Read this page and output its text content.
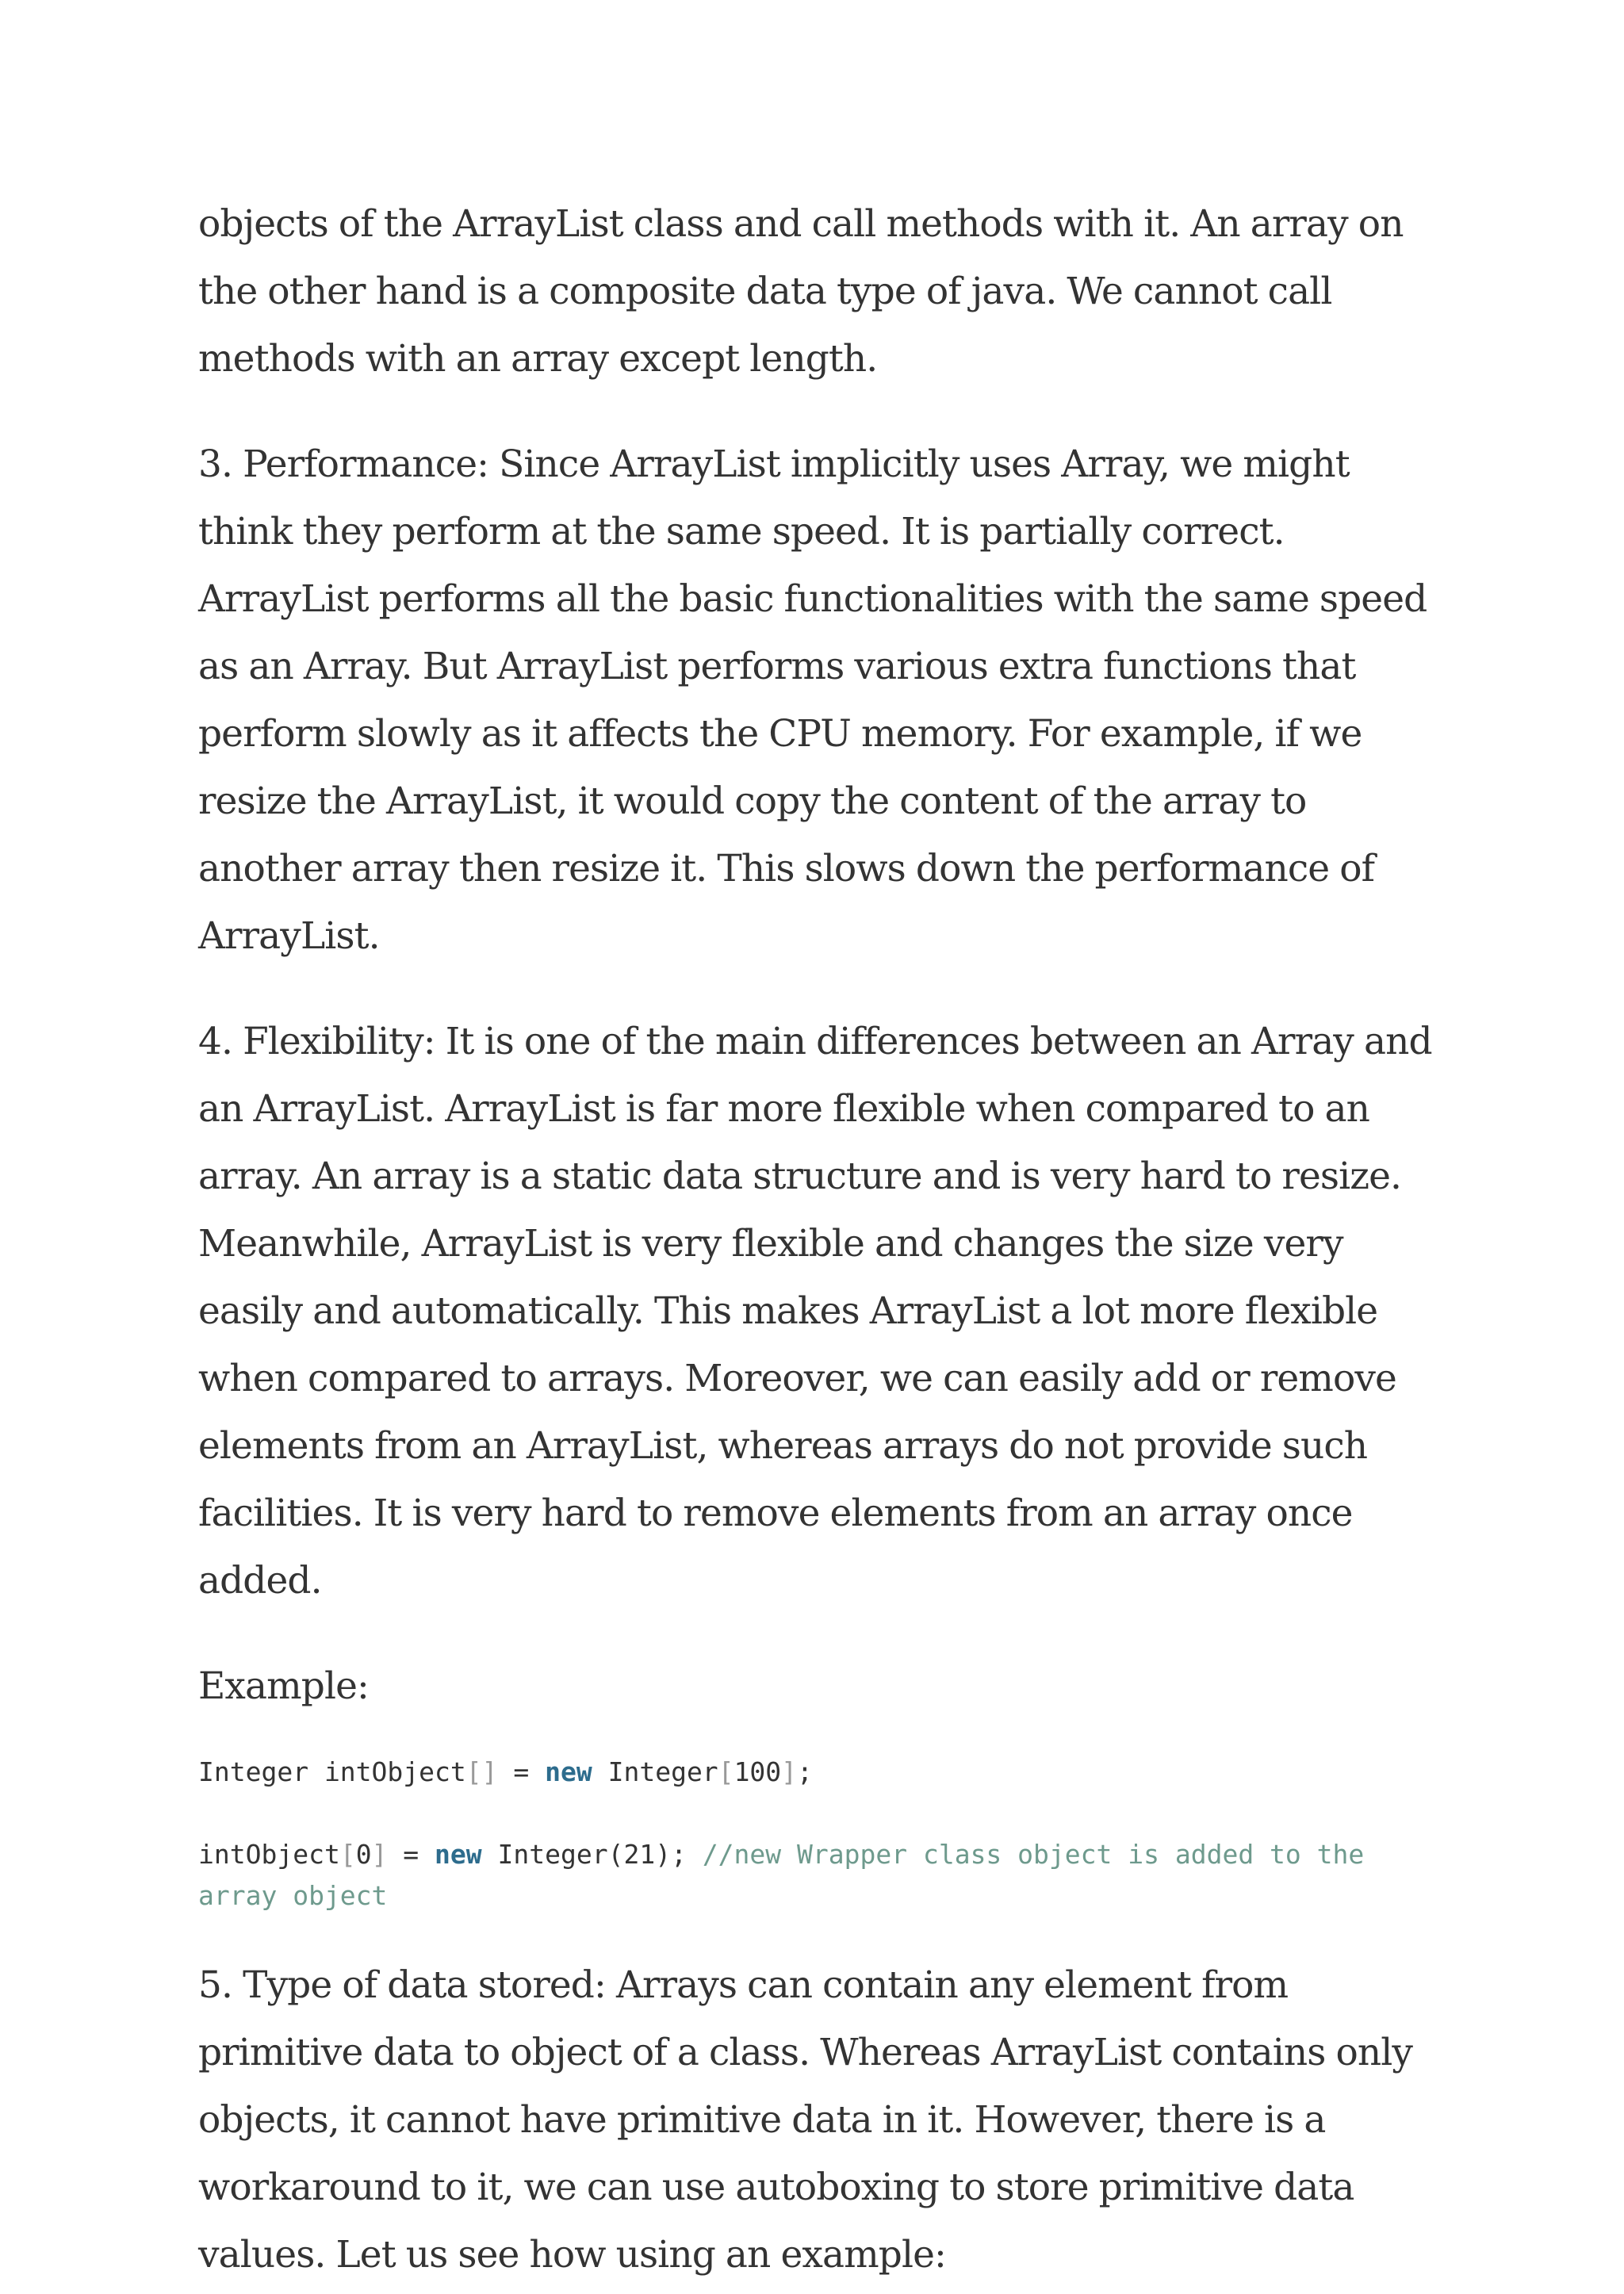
objects of the ArrayList class and call methods with it. An array on the other hand is a composite data type of java. We cannot call methods with an array except length.

3. Performance: Since ArrayList implicitly uses Array, we might think they perform at the same speed. It is partially correct. ArrayList performs all the basic functionalities with the same speed as an Array. But ArrayList performs various extra functions that perform slowly as it affects the CPU memory. For example, if we resize the ArrayList, it would copy the content of the array to another array then resize it. This slows down the performance of ArrayList.

4. Flexibility: It is one of the main differences between an Array and an ArrayList. ArrayList is far more flexible when compared to an array. An array is a static data structure and is very hard to resize. Meanwhile, ArrayList is very flexible and changes the size very easily and automatically. This makes ArrayList a lot more flexible when compared to arrays. Moreover, we can easily add or remove elements from an ArrayList, whereas arrays do not provide such facilities. It is very hard to remove elements from an array once added.

Example:

Integer intObject[] = new Integer[100];
intObject[0] = new Integer(21); //new Wrapper class object is added to the array object

5. Type of data stored: Arrays can contain any element from primitive data to object of a class. Whereas ArrayList contains only objects, it cannot have primitive data in it. However, there is a workaround to it, we can use autoboxing to store primitive data values. Let us see how using an example:
